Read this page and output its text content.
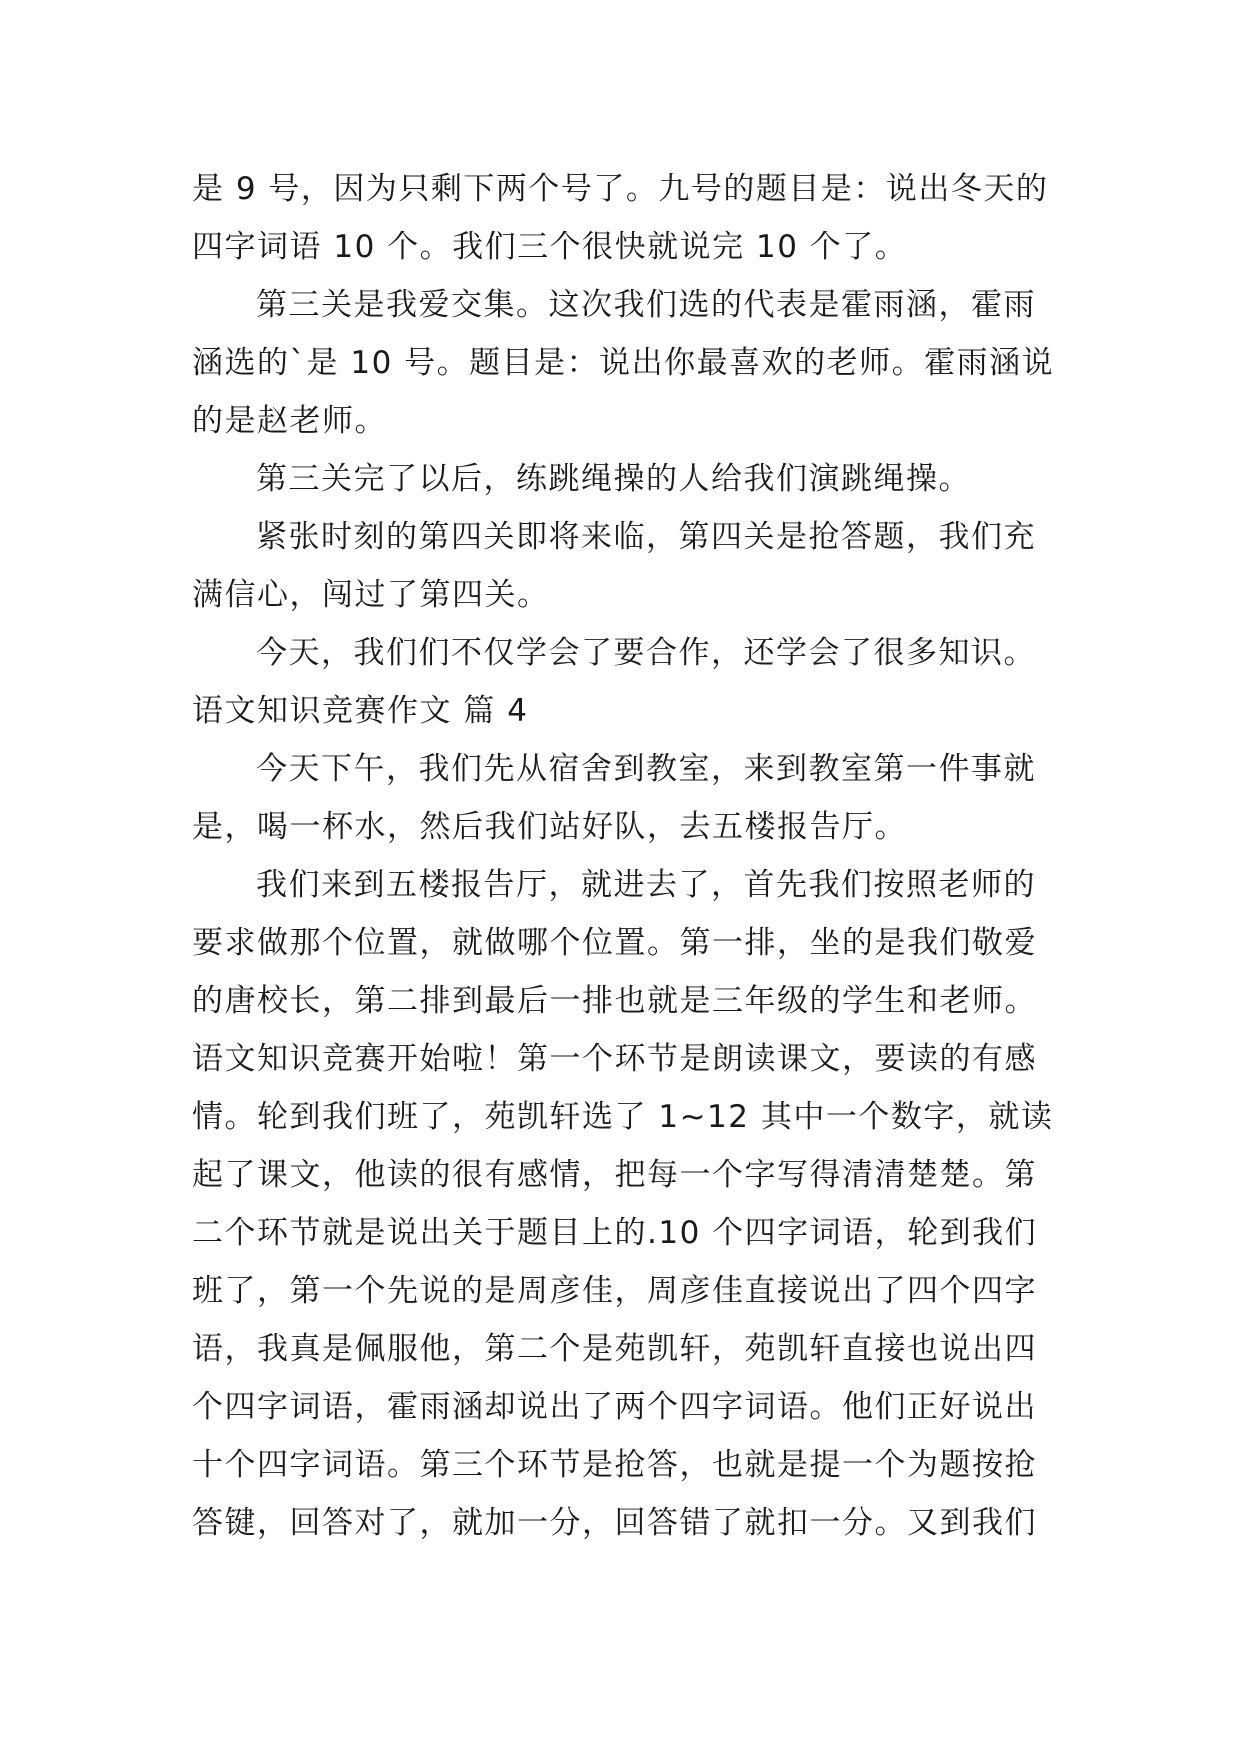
是 9 号，因为只剩下两个号了。九号的题目是：说出冬天的
四字词语 10 个。我们三个很快就说完 10 个了。
第三关是我爱交集。这次我们选的代表是霍雨涵，霍雨
涵选的`是 10 号。题目是：说出你最喜欢的老师。霍雨涵说
的是赵老师。
第三关完了以后，练跳绳操的人给我们演跳绳操。
紧张时刻的第四关即将来临，第四关是抢答题，我们充
满信心，闯过了第四关。
今天，我们们不仅学会了要合作，还学会了很多知识。
语文知识竞赛作文 篇 4
今天下午，我们先从宿舍到教室，来到教室第一件事就
是，喝一杯水，然后我们站好队，去五楼报告厅。
我们来到五楼报告厅，就进去了，首先我们按照老师的
要求做那个位置，就做哪个位置。第一排，坐的是我们敬爱
的唐校长，第二排到最后一排也就是三年级的学生和老师。
语文知识竞赛开始啦！第一个环节是朗读课文，要读的有感
情。轮到我们班了，苑凯轩选了 1~12 其中一个数字，就读
起了课文，他读的很有感情，把每一个字写得清清楚楚。第
二个环节就是说出关于题目上的.10 个四字词语，轮到我们
班了，第一个先说的是周彦佳，周彦佳直接说出了四个四字
语，我真是佩服他，第二个是苑凯轩，苑凯轩直接也说出四
个四字词语，霍雨涵却说出了两个四字词语。他们正好说出
十个四字词语。第三个环节是抢答，也就是提一个为题按抢
答键，回答对了，就加一分，回答错了就扣一分。又到我们
